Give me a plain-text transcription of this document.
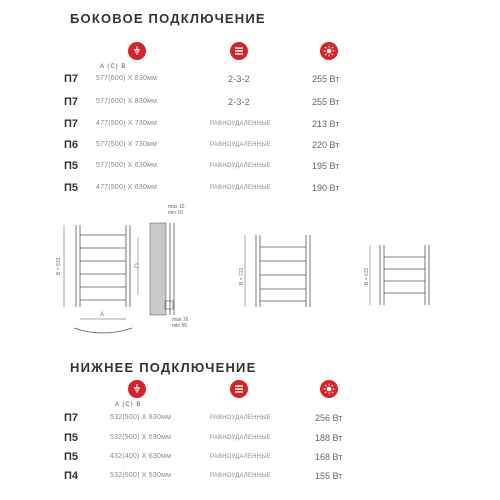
БОКОВОЕ ПОДКЛЮЧЕНИЕ
A (C) B
П7	577(600) X 830мм	2-3-2	255 Вт
П7	577(600) X 830мм	2-3-2	255 Вт
П7	477(500) X 730мм	РАВНОУДАЛЕННЫЕ	213 Вт
П6	577(500) X 730мм	РАВНОУДАЛЕННЫЕ	220 Вт
П5	577(500) X 630мм	РАВНОУДАЛЕННЫЕ	195 Вт
П5	477(500) X 630мм	РАВНОУДАЛЕННЫЕ	190 Вт
B = 832
A
C
max 10
min 10
max 76
min 56
B = 732	B = 632
НИЖНЕЕ ПОДКЛЮЧЕНИЕ
A (C) B
П7	532(500) X 830мм	РАВНОУДАЛЕННЫЕ	256 Вт
П5	532(500) X 630мм	РАВНОУДАЛЕННЫЕ	188 Вт
П5	432(400) X 630мм	РАВНОУДАЛЕННЫЕ	168 Вт
П4	532(500) X 530мм	РАВНОУДАЛЕННЫЕ	155 Вт
